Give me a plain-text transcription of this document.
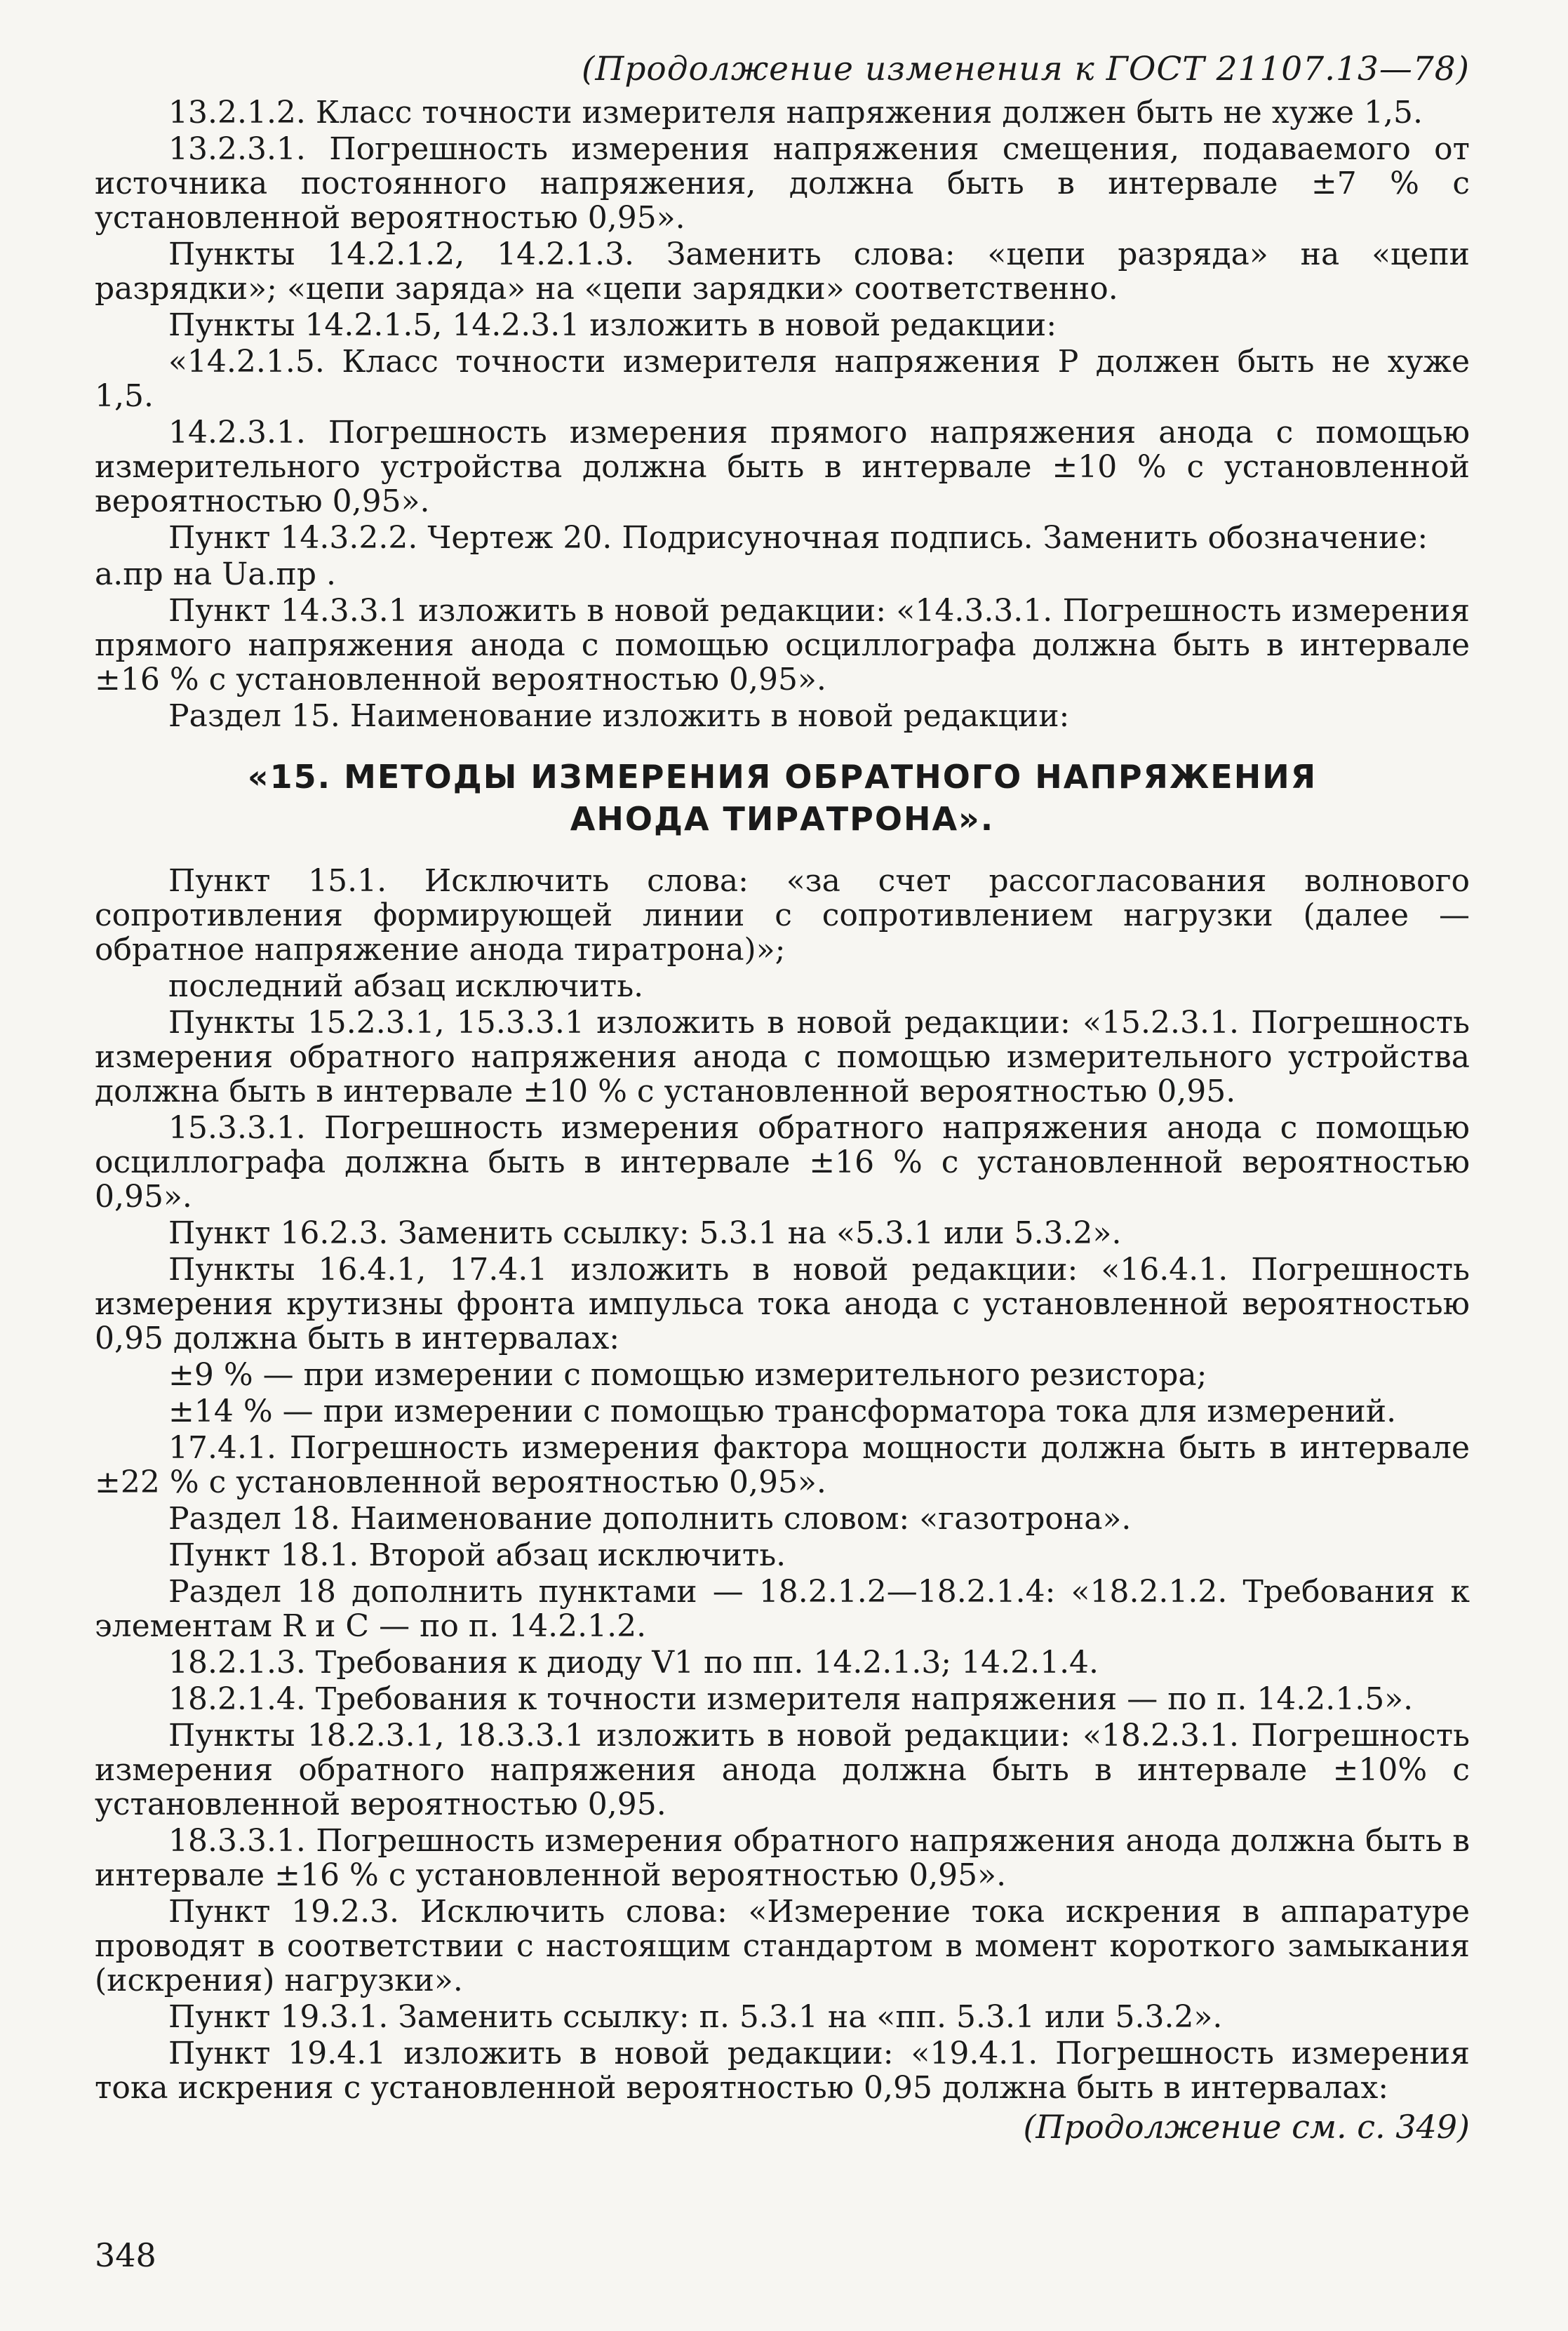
(Продолжение изменения к ГОСТ 21107.13—78)

13.2.1.2. Класс точности измерителя напряжения должен быть не хуже 1,5.

13.2.3.1. Погрешность измерения напряжения смещения, подаваемого от источника постоянного напряжения, должна быть в интервале ±7 % с установленной вероятностью 0,95».

Пункты 14.2.1.2, 14.2.1.3. Заменить слова: «цепи разряда» на «цепи разрядки»; «цепи заряда» на «цепи зарядки» соответственно.

Пункты 14.2.1.5, 14.2.3.1 изложить в новой редакции:

«14.2.1.5. Класс точности измерителя напряжения P должен быть не хуже 1,5.

14.2.3.1. Погрешность измерения прямого напряжения анода с помощью измерительного устройства должна быть в интервале ±10 % с установленной вероятностью 0,95».

Пункт 14.3.2.2. Чертеж 20. Подрисуночная подпись. Заменить обозначение:

а.пр на Uа.пр .

Пункт 14.3.3.1 изложить в новой редакции: «14.3.3.1. Погрешность измерения прямого напряжения анода с помощью осциллографа должна быть в интервале ±16 % с установленной вероятностью 0,95».

Раздел 15. Наименование изложить в новой редакции:

«15. МЕТОДЫ ИЗМЕРЕНИЯ ОБРАТНОГО НАПРЯЖЕНИЯ
АНОДА ТИРАТРОНА».

Пункт 15.1. Исключить слова: «за счет рассогласования волнового сопротивления формирующей линии с сопротивлением нагрузки (далее — обратное напряжение анода тиратрона)»;

последний абзац исключить.

Пункты 15.2.3.1, 15.3.3.1 изложить в новой редакции: «15.2.3.1. Погрешность измерения обратного напряжения анода с помощью измерительного устройства должна быть в интервале ±10 % с установленной вероятностью 0,95.

15.3.3.1. Погрешность измерения обратного напряжения анода с помощью осциллографа должна быть в интервале ±16 % с установленной вероятностью 0,95».

Пункт 16.2.3. Заменить ссылку: 5.3.1 на «5.3.1 или 5.3.2».

Пункты 16.4.1, 17.4.1 изложить в новой редакции: «16.4.1. Погрешность измерения крутизны фронта импульса тока анода с установленной вероятностью 0,95 должна быть в интервалах:

±9 % — при измерении с помощью измерительного резистора;

±14 % — при измерении с помощью трансформатора тока для измерений.

17.4.1. Погрешность измерения фактора мощности должна быть в интервале ±22 % с установленной вероятностью 0,95».

Раздел 18. Наименование дополнить словом: «газотрона».

Пункт 18.1. Второй абзац исключить.

Раздел 18 дополнить пунктами — 18.2.1.2—18.2.1.4: «18.2.1.2. Требования к элементам R и C — по п. 14.2.1.2.

18.2.1.3. Требования к диоду V1 по пп. 14.2.1.3; 14.2.1.4.

18.2.1.4. Требования к точности измерителя напряжения — по п. 14.2.1.5».

Пункты 18.2.3.1, 18.3.3.1 изложить в новой редакции: «18.2.3.1. Погрешность измерения обратного напряжения анода должна быть в интервале ±10% с установленной вероятностью 0,95.

18.3.3.1. Погрешность измерения обратного напряжения анода должна быть в интервале ±16 % с установленной вероятностью 0,95».

Пункт 19.2.3. Исключить слова: «Измерение тока искрения в аппаратуре проводят в соответствии с настоящим стандартом в момент короткого замыкания (искрения) нагрузки».

Пункт 19.3.1. Заменить ссылку: п. 5.3.1 на «пп. 5.3.1 или 5.3.2».

Пункт 19.4.1 изложить в новой редакции: «19.4.1. Погрешность измерения тока искрения с установленной вероятностью 0,95 должна быть в интервалах:

(Продолжение см. с. 349)
348
